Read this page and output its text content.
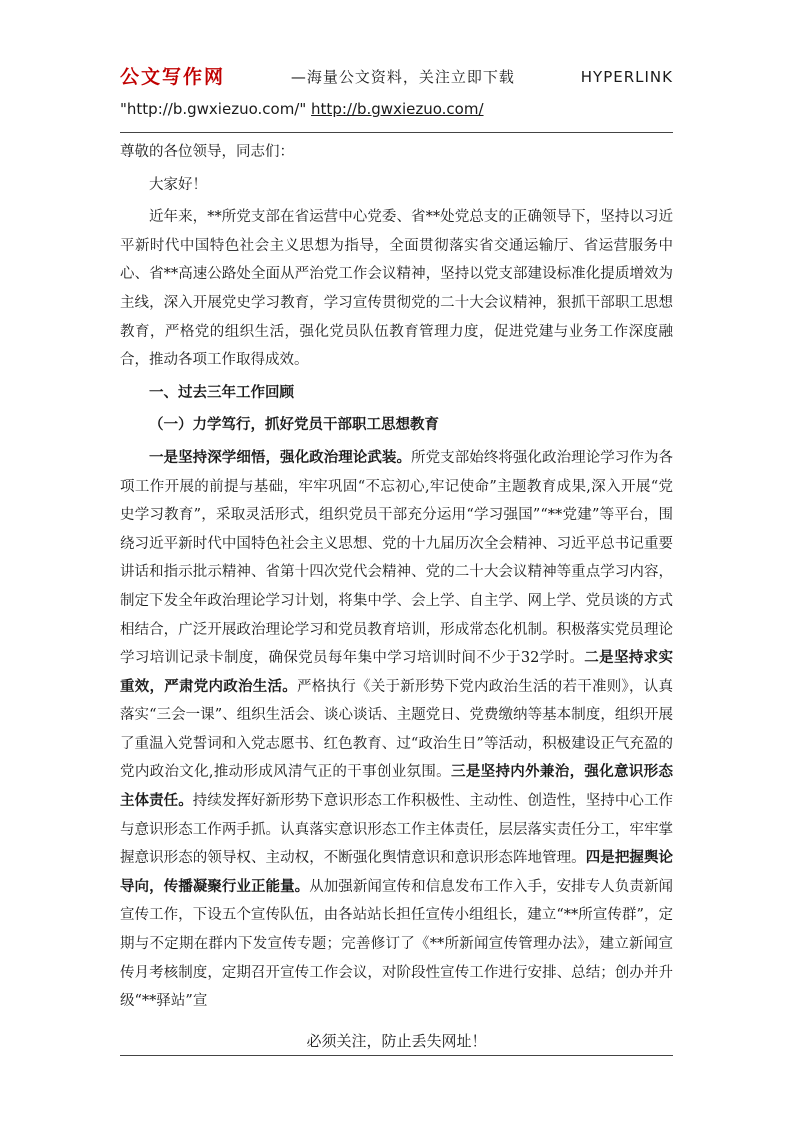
公文写作网	—海量公文资料，关注立即下载	HYPERLINK
"http://b.gwxiezuo.com/" http://b.gwxiezuo.com/

尊敬的各位领导，同志们：

大家好！

近年来，**所党支部在省运营中心党委、省**处党总支的正确领导下，坚持以习近平新时代中国特色社会主义思想为指导，全面贯彻落实省交通运输厅、省运营服务中心、省**高速公路处全面从严治党工作会议精神，坚持以党支部建设标准化提质增效为主线，深入开展党史学习教育，学习宣传贯彻党的二十大会议精神，狠抓干部职工思想教育，严格党的组织生活，强化党员队伍教育管理力度，促进党建与业务工作深度融合，推动各项工作取得成效。

一、过去三年工作回顾

（一）力学笃行，抓好党员干部职工思想教育

一是坚持深学细悟，强化政治理论武装。所党支部始终将强化政治理论学习作为各项工作开展的前提与基础，牢牢巩固“不忘初心,牢记使命”主题教育成果,深入开展“党史学习教育”，采取灵活形式，组织党员干部充分运用“学习强国”“**党建”等平台，围绕习近平新时代中国特色社会主义思想、党的十九届历次全会精神、习近平总书记重要讲话和指示批示精神、省第十四次党代会精神、党的二十大会议精神等重点学习内容，制定下发全年政治理论学习计划，将集中学、会上学、自主学、网上学、党员谈的方式相结合，广泛开展政治理论学习和党员教育培训，形成常态化机制。积极落实党员理论学习培训记录卡制度，确保党员每年集中学习培训时间不少于32学时。二是坚持求实重效，严肃党内政治生活。严格执行《关于新形势下党内政治生活的若干准则》，认真落实“三会一课”、组织生活会、谈心谈话、主题党日、党费缴纳等基本制度，组织开展了重温入党誓词和入党志愿书、红色教育、过“政治生日”等活动，积极建设正气充盈的党内政治文化,推动形成风清气正的干事创业氛围。三是坚持内外兼治，强化意识形态主体责任。持续发挥好新形势下意识形态工作积极性、主动性、创造性，坚持中心工作与意识形态工作两手抓。认真落实意识形态工作主体责任，层层落实责任分工，牢牢掌握意识形态的领导权、主动权，不断强化舆情意识和意识形态阵地管理。四是把握舆论导向，传播凝聚行业正能量。从加强新闻宣传和信息发布工作入手，安排专人负责新闻宣传工作，下设五个宣传队伍，由各站站长担任宣传小组组长，建立“**所宣传群”，定期与不定期在群内下发宣传专题；完善修订了《**所新闻宣传管理办法》，建立新闻宣传月考核制度，定期召开宣传工作会议，对阶段性宣传工作进行安排、总结；创办并升级“**驿站”宣

必须关注，防止丢失网址！
